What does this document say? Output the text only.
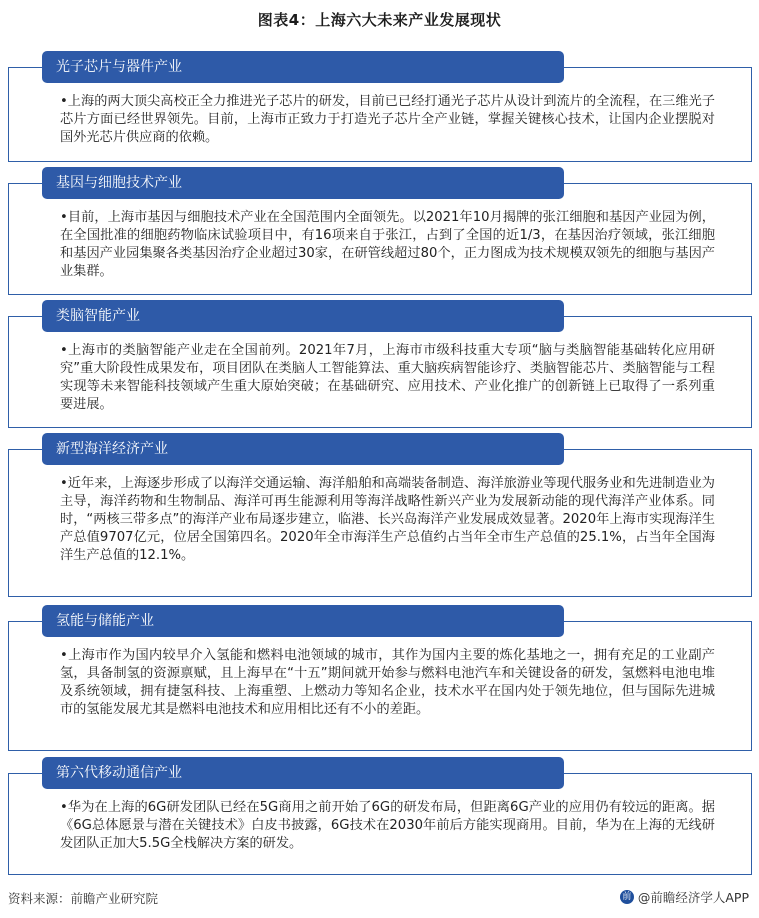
图表4：上海六大未来产业发展现状
光子芯片与器件产业
•上海的两大顶尖高校正全力推进光子芯片的研发，目前已已经打通光子芯片从设计到流片的全流程，在三维光子芯片方面已经世界领先。目前，上海市正致力于打造光子芯片全产业链，掌握关键核心技术，让国内企业摆脱对国外光芯片供应商的依赖。
基因与细胞技术产业
•目前，上海市基因与细胞技术产业在全国范围内全面领先。以2021年10月揭牌的张江细胞和基因产业园为例，在全国批准的细胞药物临床试验项目中，有16项来自于张江，占到了全国的近1/3，在基因治疗领域，张江细胞和基因产业园集聚各类基因治疗企业超过30家，在研管线超过80个，正力图成为技术规模双领先的细胞与基因产业集群。
类脑智能产业
•上海市的类脑智能产业走在全国前列。2021年7月，上海市市级科技重大专项“脑与类脑智能基础转化应用研究”重大阶段性成果发布，项目团队在类脑人工智能算法、重大脑疾病智能诊疗、类脑智能芯片、类脑智能与工程实现等未来智能科技领域产生重大原始突破；在基础研究、应用技术、产业化推广的创新链上已取得了一系列重要进展。
新型海洋经济产业
•近年来，上海逐步形成了以海洋交通运输、海洋船舶和高端装备制造、海洋旅游业等现代服务业和先进制造业为主导，海洋药物和生物制品、海洋可再生能源利用等海洋战略性新兴产业为发展新动能的现代海洋产业体系。同时，“两核三带多点”的海洋产业布局逐步建立，临港、长兴岛海洋产业发展成效显著。2020年上海市实现海洋生产总值9707亿元，位居全国第四名。2020年全市海洋生产总值约占当年全市生产总值的25.1%，占当年全国海洋生产总值的12.1%。
氢能与储能产业
•上海市作为国内较早介入氢能和燃料电池领域的城市，其作为国内主要的炼化基地之一，拥有充足的工业副产氢，具备制氢的资源禀赋，且上海早在“十五”期间就开始参与燃料电池汽车和关键设备的研发，氢燃料电池电堆及系统领域，拥有捷氢科技、上海重塑、上燃动力等知名企业，技术水平在国内处于领先地位，但与国际先进城市的氢能发展尤其是燃料电池技术和应用相比还有不小的差距。
第六代移动通信产业
•华为在上海的6G研发团队已经在5G商用之前开始了6G的研发布局，但距离6G产业的应用仍有较远的距离。据《6G总体愿景与潜在关键技术》白皮书披露，6G技术在2030年前后方能实现商用。目前，华为在上海的无线研发团队正加大5.5G全栈解决方案的研发。
资料来源：前瞻产业研究院	前 @前瞻经济学人APP
